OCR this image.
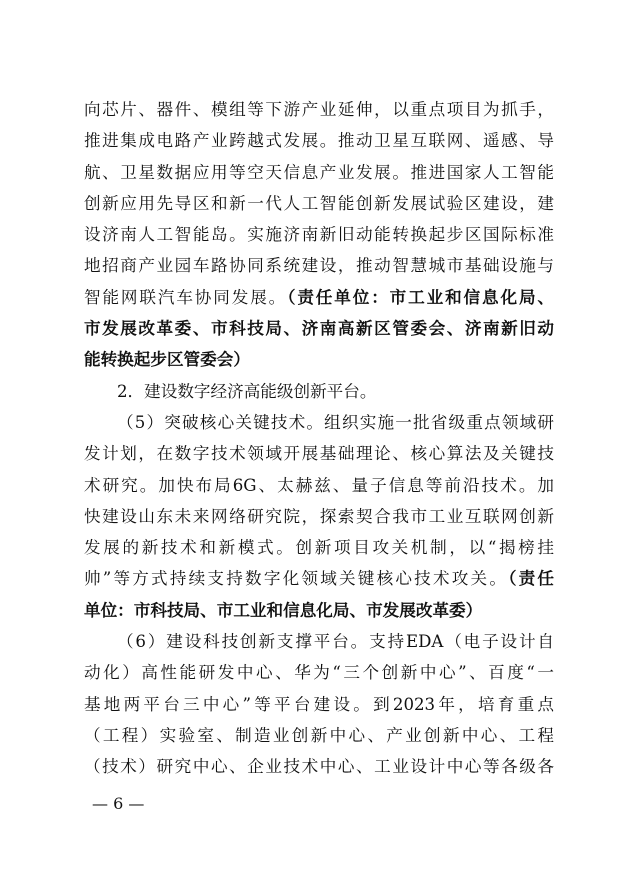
向芯片、器件、模组等下游产业延伸，以重点项目为抓手，
推进集成电路产业跨越式发展。推动卫星互联网、遥感、导
航、卫星数据应用等空天信息产业发展。推进国家人工智能
创新应用先导区和新一代人工智能创新发展试验区建设，建
设济南人工智能岛。实施济南新旧动能转换起步区国际标准
地招商产业园车路协同系统建设，推动智慧城市基础设施与
智能网联汽车协同发展。（责任单位：市工业和信息化局、
市发展改革委、市科技局、济南高新区管委会、济南新旧动
能转换起步区管委会）
2．建设数字经济高能级创新平台。
（5）突破核心关键技术。组织实施一批省级重点领域研
发计划，在数字技术领域开展基础理论、核心算法及关键技
术研究。加快布局6G、太赫兹、量子信息等前沿技术。加
快建设山东未来网络研究院，探索契合我市工业互联网创新
发展的新技术和新模式。创新项目攻关机制，以“揭榜挂
帅”等方式持续支持数字化领域关键核心技术攻关。（责任
单位：市科技局、市工业和信息化局、市发展改革委）
（6）建设科技创新支撑平台。支持EDA（电子设计自
动化）高性能研发中心、华为“三个创新中心”、百度“一
基地两平台三中心”等平台建设。到2023年，培育重点
（工程）实验室、制造业创新中心、产业创新中心、工程
（技术）研究中心、企业技术中心、工业设计中心等各级各
— 6 —
